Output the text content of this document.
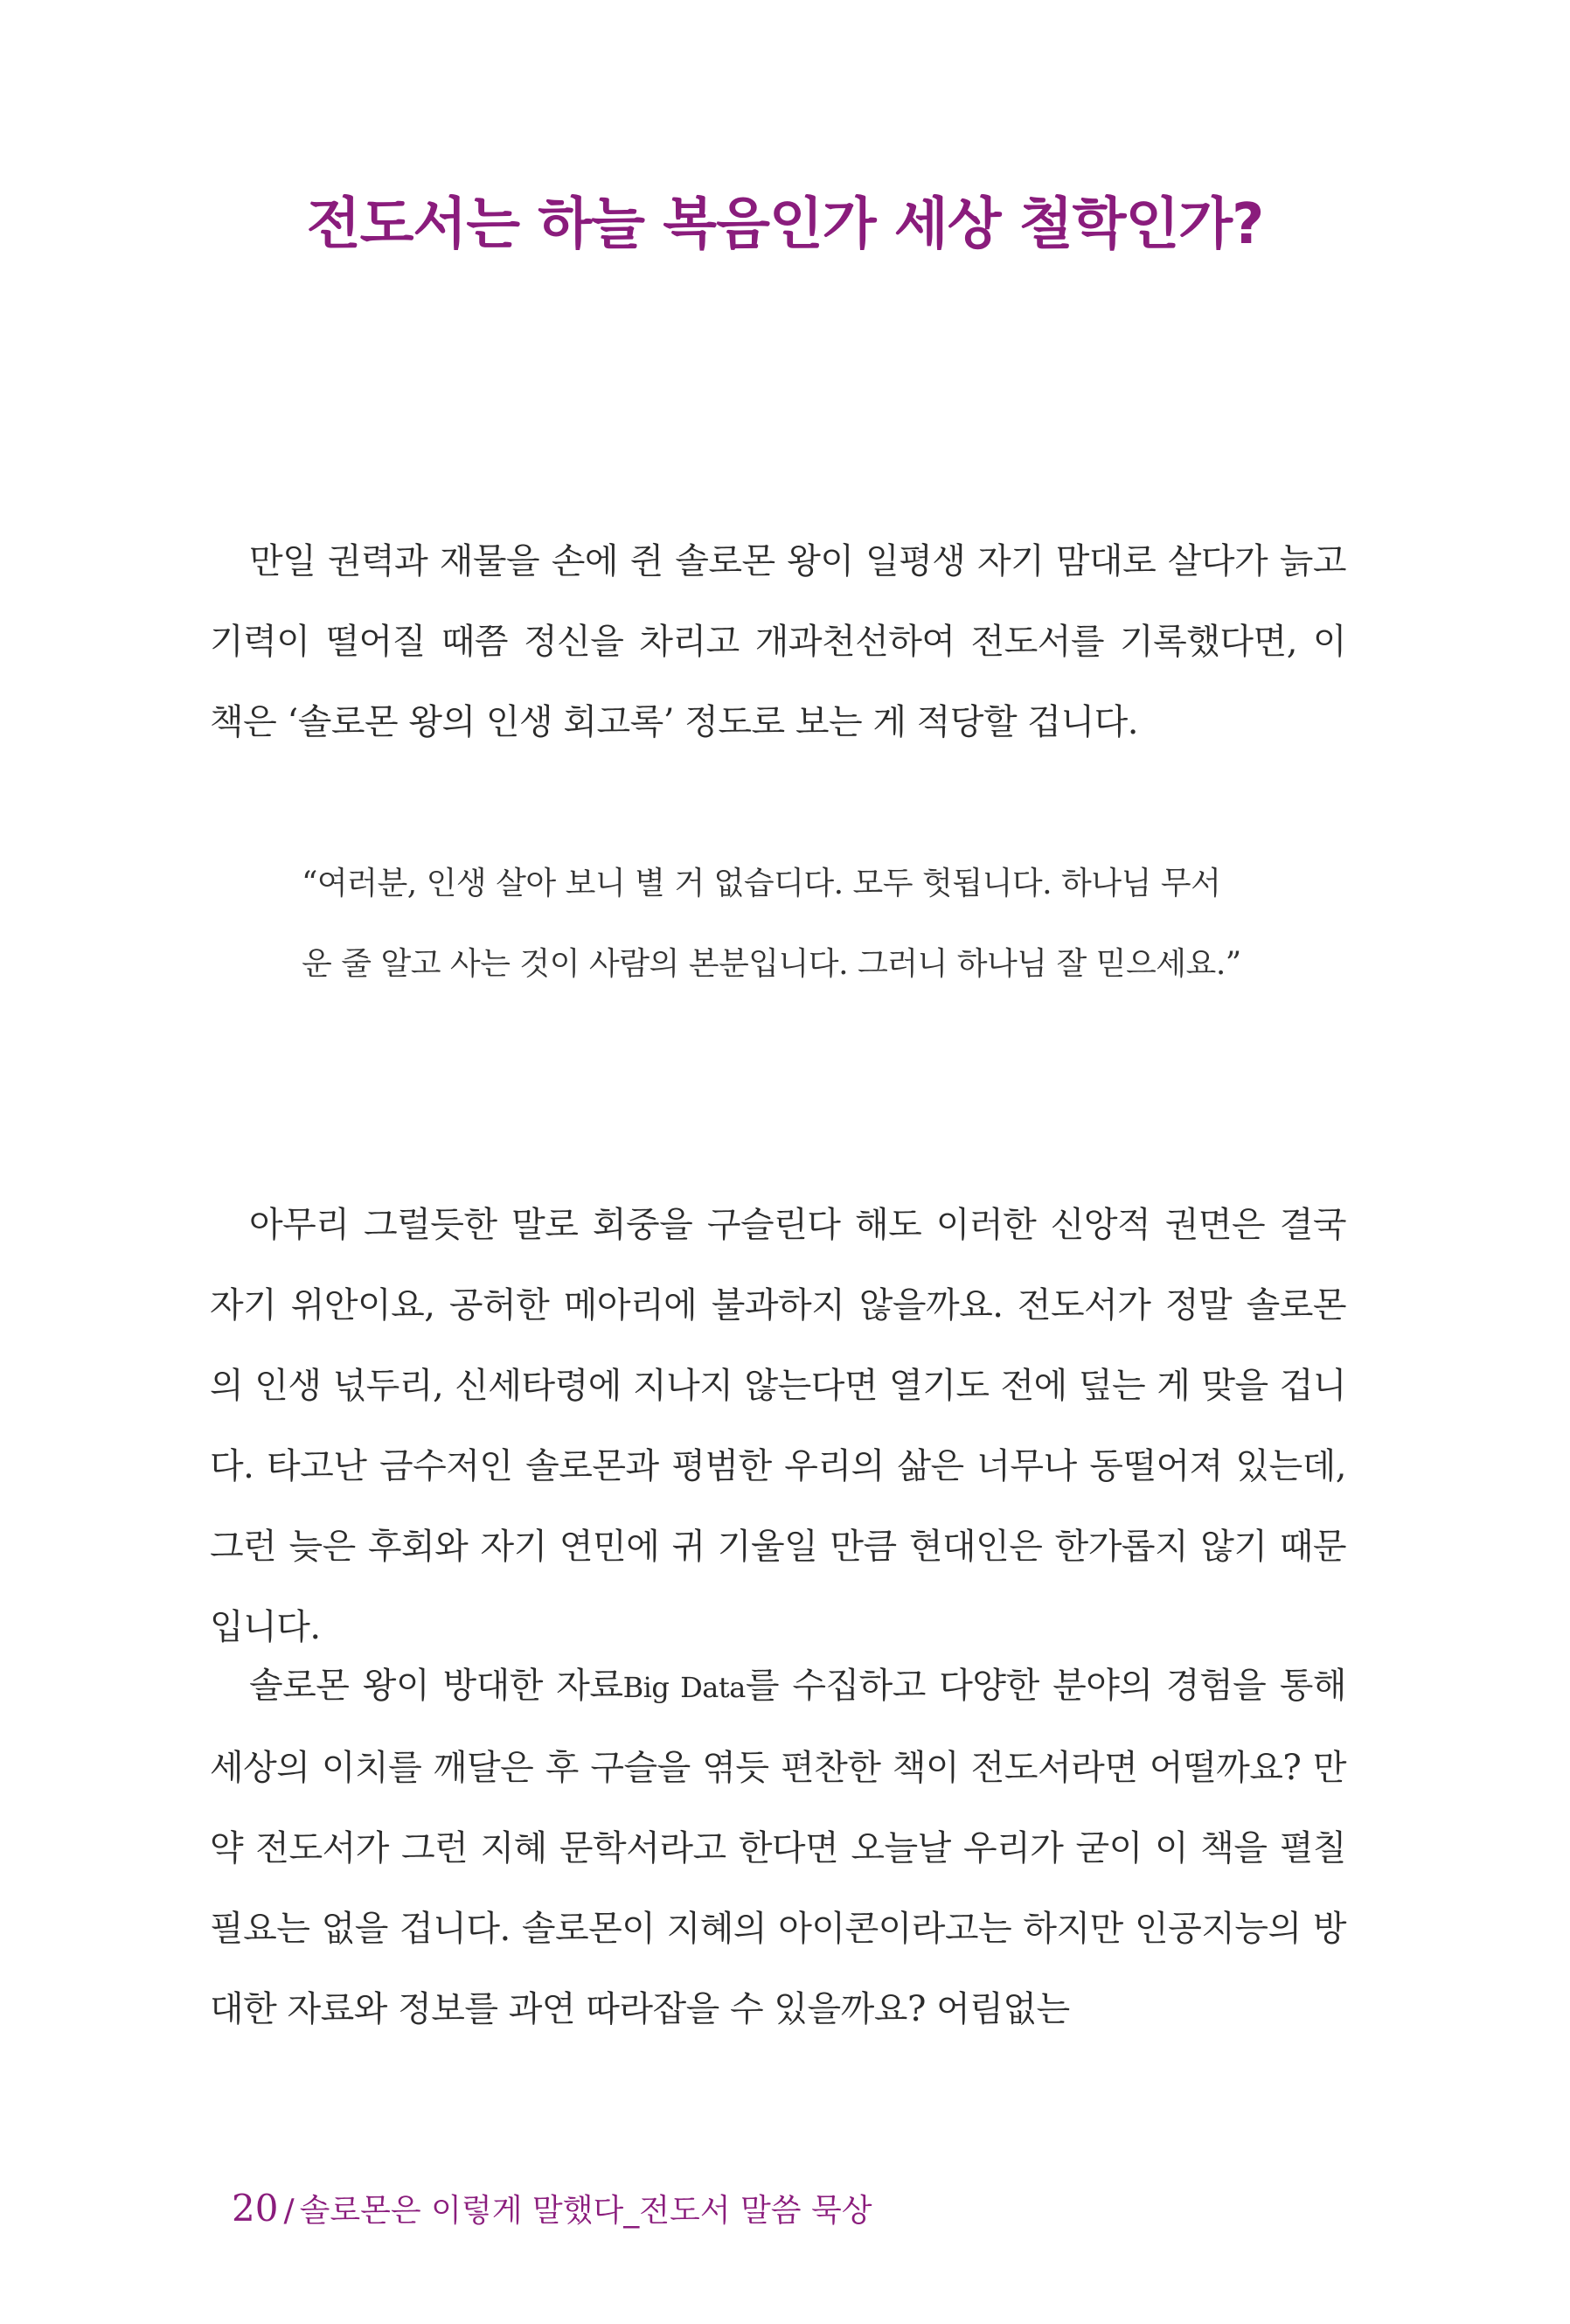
전도서는 하늘 복음인가 세상 철학인가?

만일 권력과 재물을 손에 쥔 솔로몬 왕이 일평생 자기 맘대로 살다가 늙고 기력이 떨어질 때쯤 정신을 차리고 개과천선하여 전도서를 기록했다면, 이 책은 ‘솔로몬 왕의 인생 회고록’ 정도로 보는 게 적당할 겁니다.

“여러분, 인생 살아 보니 별 거 없습디다. 모두 헛됩니다. 하나님 무서운 줄 알고 사는 것이 사람의 본분입니다. 그러니 하나님 잘 믿으세요.”

아무리 그럴듯한 말로 회중을 구슬린다 해도 이러한 신앙적 권면은 결국 자기 위안이요, 공허한 메아리에 불과하지 않을까요. 전도서가 정말 솔로몬의 인생 넋두리, 신세타령에 지나지 않는다면 열기도 전에 덮는 게 맞을 겁니다. 타고난 금수저인 솔로몬과 평범한 우리의 삶은 너무나 동떨어져 있는데, 그런 늦은 후회와 자기 연민에 귀 기울일 만큼 현대인은 한가롭지 않기 때문입니다.

솔로몬 왕이 방대한 자료Big Data를 수집하고 다양한 분야의 경험을 통해 세상의 이치를 깨달은 후 구슬을 엮듯 편찬한 책이 전도서라면 어떨까요? 만약 전도서가 그런 지혜 문학서라고 한다면 오늘날 우리가 굳이 이 책을 펼칠 필요는 없을 겁니다. 솔로몬이 지혜의 아이콘이라고는 하지만 인공지능의 방대한 자료와 정보를 과연 따라잡을 수 있을까요? 어림없는

20 / 솔로몬은 이렇게 말했다_전도서 말씀 묵상
